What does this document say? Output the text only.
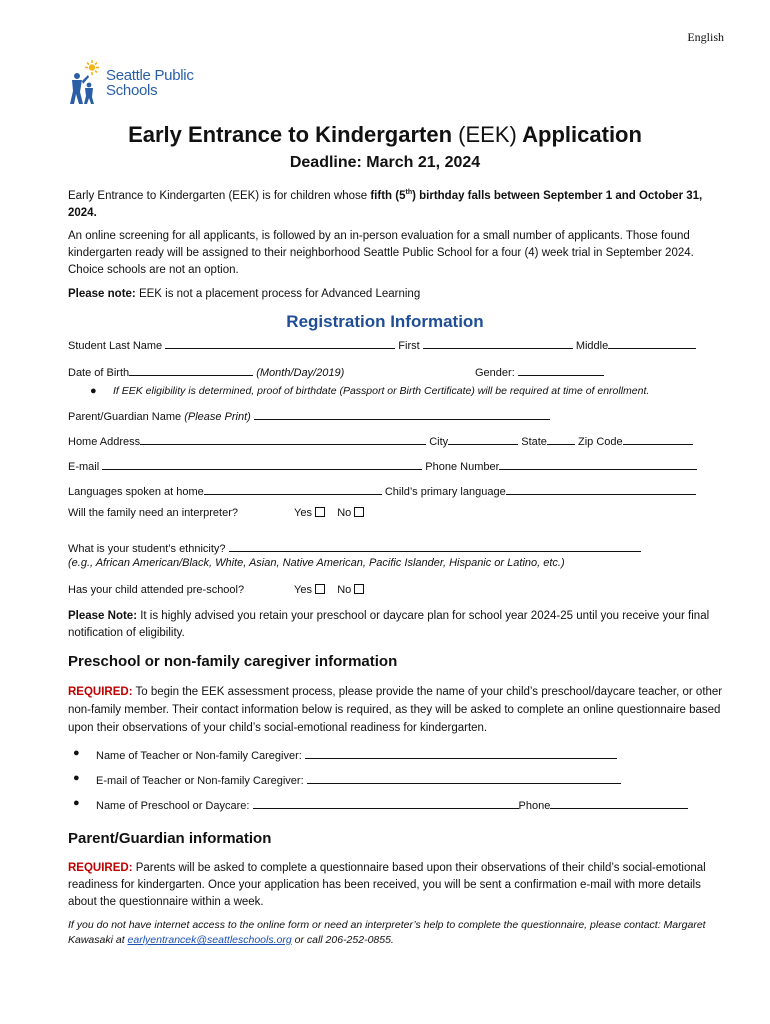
English
Seattle Public
Schools
Early Entrance to Kindergarten (EEK) Application
Deadline: March 21, 2024
Early Entrance to Kindergarten (EEK) is for children whose fifth (5th) birthday falls between September 1 and October 31, 2024.
An online screening for all applicants, is followed by an in-person evaluation for a small number of applicants. Those found kindergarten ready will be assigned to their neighborhood Seattle Public School for a four (4) week trial in September 2024. Choice schools are not an option.
Please note: EEK is not a placement process for Advanced Learning
Registration Information
Student Last Name	First	Middle
Date of Birth	(Month/Day/2019)	Gender:
● If EEK eligibility is determined, proof of birthdate (Passport or Birth Certificate) will be required at time of enrollment.
Parent/Guardian Name (Please Print)
Home Address	City	State	Zip Code
E-mail	Phone Number
Languages spoken at home	Child’s primary language
Will the family need an interpreter?	Yes No
What is your student’s ethnicity?
(e.g., African American/Black, White, Asian, Native American, Pacific Islander, Hispanic or Latino, etc.)
Has your child attended pre-school?	Yes No
Please Note: It is highly advised you retain your preschool or daycare plan for school year 2024-25 until you receive your final notification of eligibility.
Preschool or non-family caregiver information
REQUIRED: To begin the EEK assessment process, please provide the name of your child’s preschool/daycare teacher, or other non-family member. Their contact information below is required, as they will be asked to complete an online questionnaire based upon their observations of your child’s social-emotional readiness for kindergarten.
● Name of Teacher or Non-family Caregiver:
● E-mail of Teacher or Non-family Caregiver:
● Name of Preschool or Daycare:	Phone
Parent/Guardian information
REQUIRED: Parents will be asked to complete a questionnaire based upon their observations of their child’s social-emotional readiness for kindergarten. Once your application has been received, you will be sent a confirmation e-mail with more details about the questionnaire within a week.
If you do not have internet access to the online form or need an interpreter’s help to complete the questionnaire, please contact: Margaret Kawasaki at earlyentrancek@seattleschools.org or call 206-252-0855.
